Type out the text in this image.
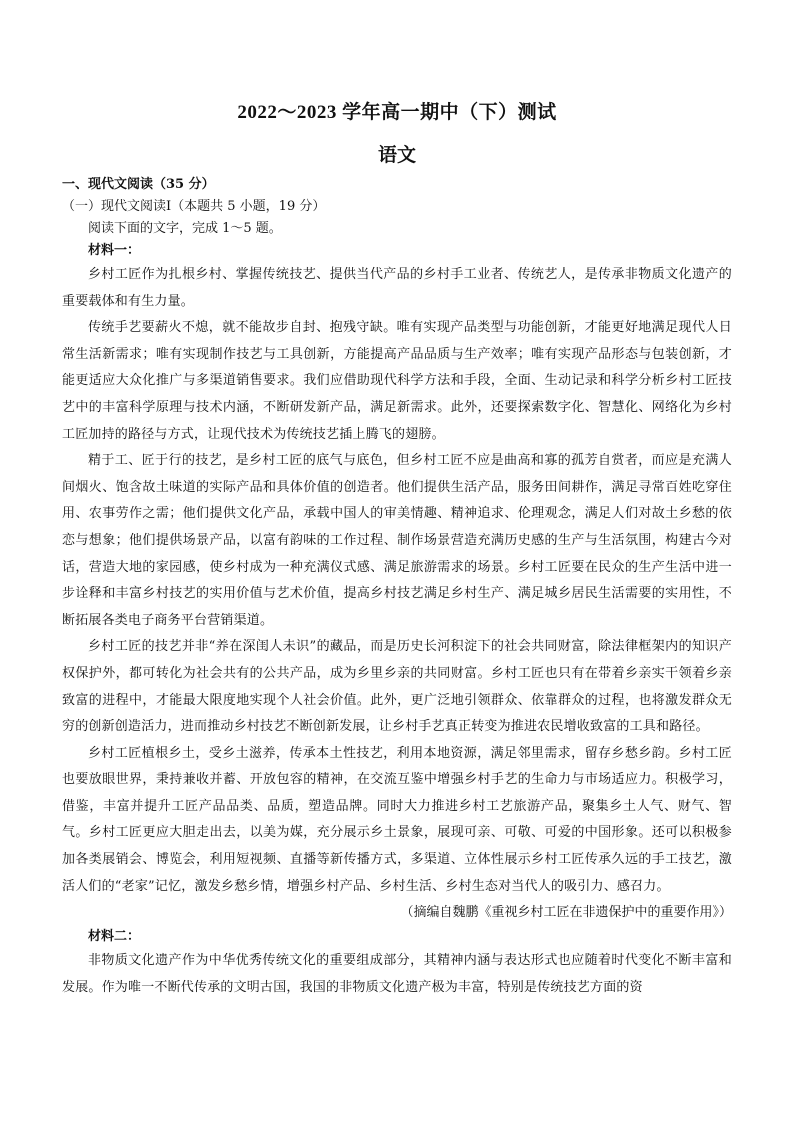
2022～2023 学年高一期中（下）测试
语文
一、现代文阅读（35 分）
（一）现代文阅读Ⅰ（本题共 5 小题，19 分）
阅读下面的文字，完成 1～5 题。
材料一：

乡村工匠作为扎根乡村、掌握传统技艺、提供当代产品的乡村手工业者、传统艺人，是传承非物质文化遗产的重要载体和有生力量。

传统手艺要薪火不熄，就不能故步自封、抱残守缺。唯有实现产品类型与功能创新，才能更好地满足现代人日常生活新需求；唯有实现制作技艺与工具创新，方能提高产品品质与生产效率；唯有实现产品形态与包装创新，才能更适应大众化推广与多渠道销售要求。我们应借助现代科学方法和手段，全面、生动记录和科学分析乡村工匠技艺中的丰富科学原理与技术内涵，不断研发新产品，满足新需求。此外，还要探索数字化、智慧化、网络化为乡村工匠加持的路径与方式，让现代技术为传统技艺插上腾飞的翅膀。

精于工、匠于行的技艺，是乡村工匠的底气与底色，但乡村工匠不应是曲高和寡的孤芳自赏者，而应是充满人间烟火、饱含故土味道的实际产品和具体价值的创造者。他们提供生活产品，服务田间耕作，满足寻常百姓吃穿住用、农事劳作之需；他们提供文化产品，承载中国人的审美情趣、精神追求、伦理观念，满足人们对故土乡愁的依恋与想象；他们提供场景产品，以富有韵味的工作过程、制作场景营造充满历史感的生产与生活氛围，构建古今对话，营造大地的家园感，使乡村成为一种充满仪式感、满足旅游需求的场景。乡村工匠要在民众的生产生活中进一步诠释和丰富乡村技艺的实用价值与艺术价值，提高乡村技艺满足乡村生产、满足城乡居民生活需要的实用性，不断拓展各类电子商务平台营销渠道。

乡村工匠的技艺并非“养在深闺人未识”的藏品，而是历史长河积淀下的社会共同财富，除法律框架内的知识产权保护外，都可转化为社会共有的公共产品，成为乡里乡亲的共同财富。乡村工匠也只有在带着乡亲实干领着乡亲致富的进程中，才能最大限度地实现个人社会价值。此外，更广泛地引领群众、依靠群众的过程，也将激发群众无穷的创新创造活力，进而推动乡村技艺不断创新发展，让乡村手艺真正转变为推进农民增收致富的工具和路径。

乡村工匠植根乡土，受乡土滋养，传承本土性技艺，利用本地资源，满足邻里需求，留存乡愁乡韵。乡村工匠也要放眼世界，秉持兼收并蓄、开放包容的精神，在交流互鉴中增强乡村手艺的生命力与市场适应力。积极学习，借鉴，丰富并提升工匠产品品类、品质，塑造品牌。同时大力推进乡村工艺旅游产品，聚集乡土人气、财气、智气。乡村工匠更应大胆走出去，以美为媒，充分展示乡土景象，展现可亲、可敬、可爱的中国形象。还可以积极参加各类展销会、博览会，利用短视频、直播等新传播方式，多渠道、立体性展示乡村工匠传承久远的手工技艺，激活人们的“老家”记忆，激发乡愁乡情，增强乡村产品、乡村生活、乡村生态对当代人的吸引力、感召力。

（摘编自魏鹏《重视乡村工匠在非遗保护中的重要作用》）

材料二：

非物质文化遗产作为中华优秀传统文化的重要组成部分，其精神内涵与表达形式也应随着时代变化不断丰富和发展。作为唯一不断代传承的文明古国，我国的非物质文化遗产极为丰富，特别是传统技艺方面的资
